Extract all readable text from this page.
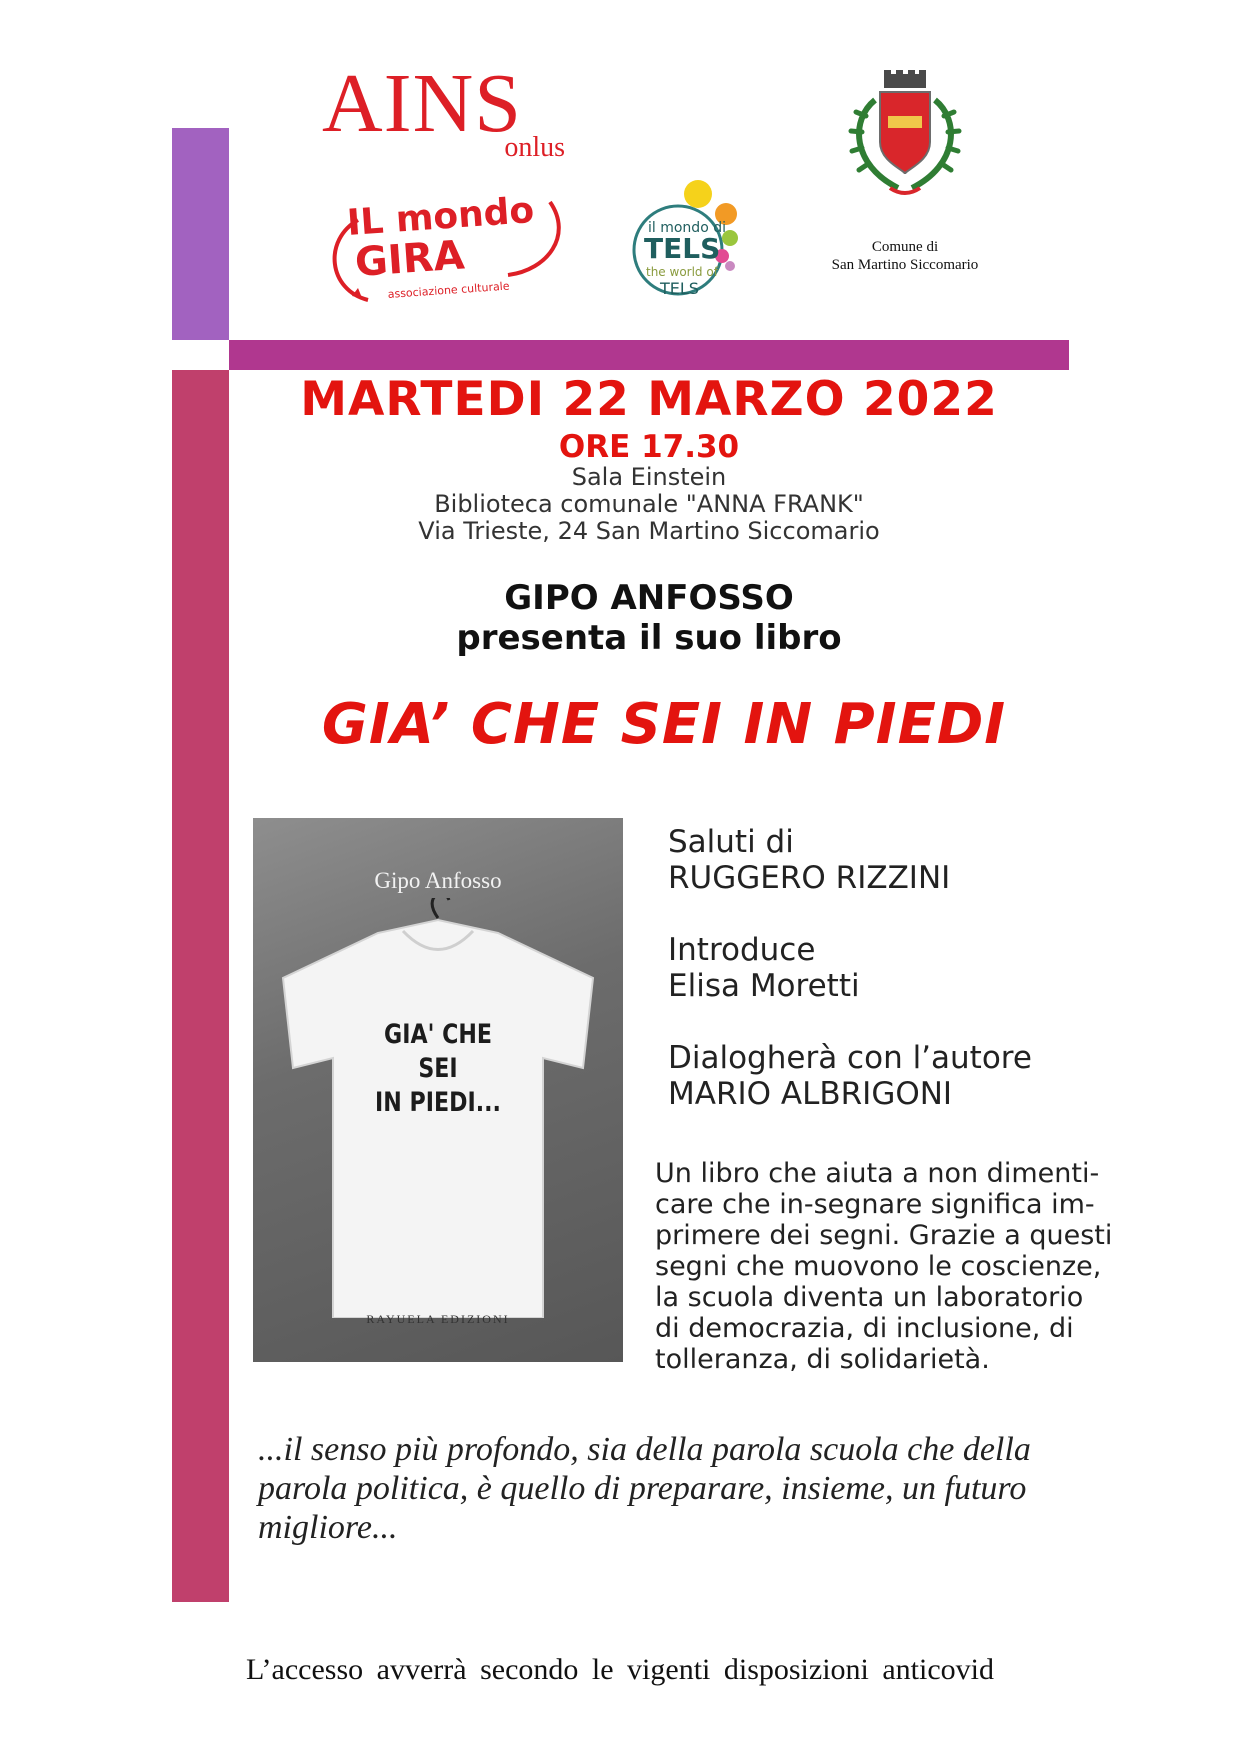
AINS
onlus
IL mondo
GIRA
associazione culturale
il mondo di
TELS
the world of
TELS
Comune di
San Martino Siccomario
MARTEDI 22 MARZO 2022
ORE 17.30
Sala Einstein
Biblioteca comunale "ANNA FRANK"
Via Trieste, 24 San Martino Siccomario
GIPO ANFOSSO
presenta il suo libro
GIA’ CHE SEI IN PIEDI
Gipo Anfosso
GIA' CHE SEI
IN PIEDI...
RAYUELA EDIZIONI
Saluti di
RUGGERO RIZZINI
Introduce
Elisa Moretti
Dialogherà con l’autore
MARIO ALBRIGONI
Un libro che aiuta a non dimenti-
care che in-segnare significa im-
primere dei segni. Grazie a questi
segni che muovono le coscienze,
la scuola diventa un laboratorio
di democrazia, di inclusione, di
tolleranza, di solidarietà.
...il senso più profondo, sia della parola scuola che della
parola politica, è quello di preparare, insieme, un futuro
migliore...
L’accesso avverrà secondo le vigenti disposizioni anticovid
